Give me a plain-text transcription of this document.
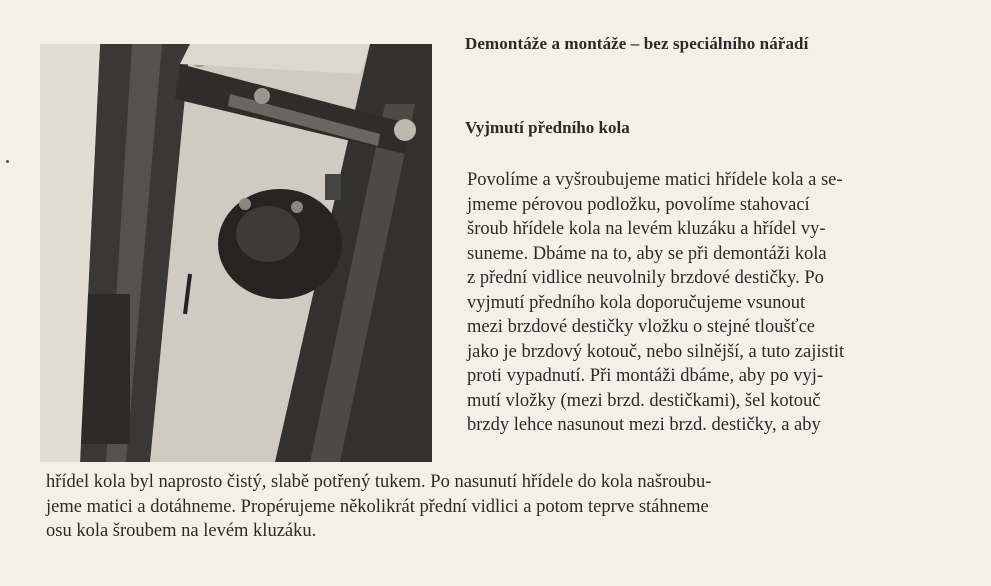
Demontáže a montáže – bez speciálního nářadí
Vyjmutí předního kola
Povolíme a vyšroubujeme matici hřídele kola a se-
jmeme pérovou podložku, povolíme stahovací
šroub hřídele kola na levém kluzáku a hřídel vy-
suneme. Dbáme na to, aby se při demontáži kola
z přední vidlice neuvolnily brzdové destičky. Po
vyjmutí předního kola doporučujeme vsunout
mezi brzdové destičky vložku o stejné tloušťce
jako je brzdový kotouč, nebo silnější, a tuto zajistit
proti vypadnutí. Při montáži dbáme, aby po vyj-
mutí vložky (mezi brzd. destičkami), šel kotouč
brzdy lehce nasunout mezi brzd. destičky, a aby
hřídel kola byl naprosto čistý, slabě potřený tukem. Po nasunutí hřídele do kola našroubu-
jeme matici a dotáhneme. Propérujeme několikrát přední vidlici a potom teprve stáhneme
osu kola šroubem na levém kluzáku.
